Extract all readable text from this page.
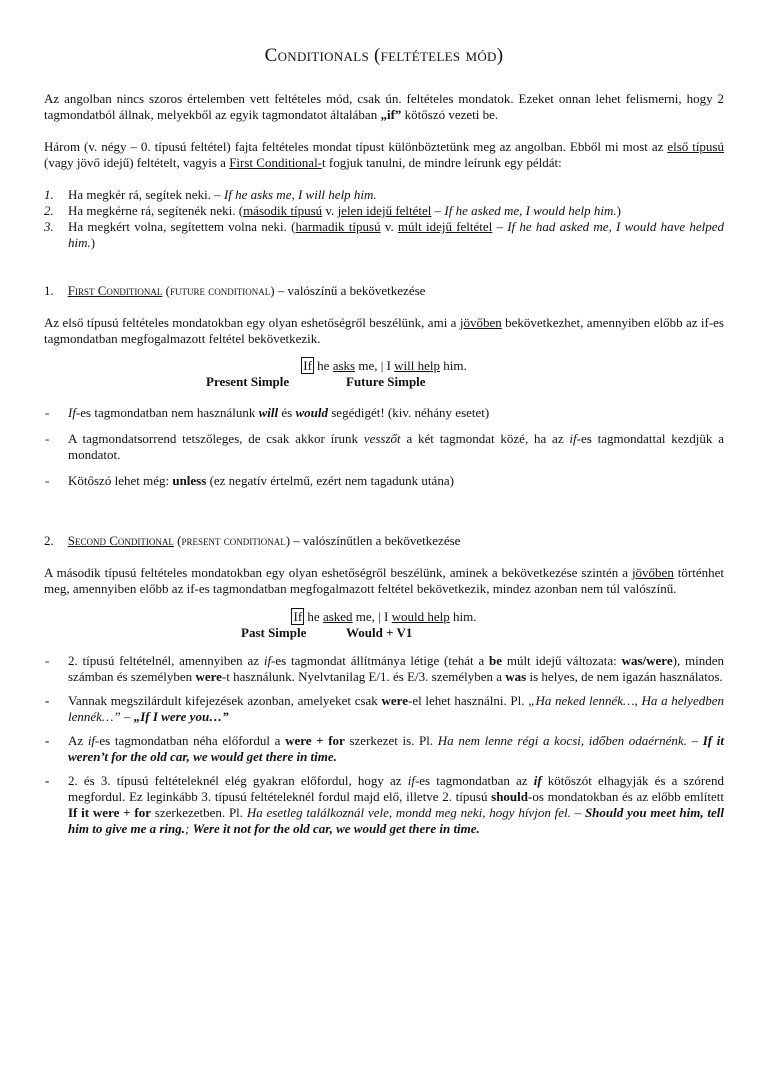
Conditionals (feltételes mód)

Az angolban nincs szoros értelemben vett feltételes mód, csak ún. feltételes mondatok. Ezeket onnan lehet felismerni, hogy 2 tagmondatból állnak, melyekből az egyik tagmondatot általában „if” kötőszó vezeti be.

Három (v. négy – 0. típusú feltétel) fajta feltételes mondat típust különböztetünk meg az angolban. Ebből mi most az első típusú (vagy jövő idejű) feltételt, vagyis a First Conditional-t fogjuk tanulni, de mindre leírunk egy példát:

1. Ha megkér rá, segítek neki. – If he asks me, I will help him.
2. Ha megkérne rá, segítenék neki. (második típusú v. jelen idejű feltétel – If he asked me, I would help him.)
3. Ha megkért volna, segítettem volna neki. (harmadik típusú v. múlt idejű feltétel – If he had asked me, I would have helped him.)

1. First Conditional (future conditional) – valószínű a bekövetkezése

Az első típusú feltételes mondatokban egy olyan eshetőségről beszélünk, ami a jövőben bekövetkezhet, amennyiben előbb az if-es tagmondatban megfogalmazott feltétel bekövetkezik.

If he asks me, | I will help him.
Present Simple	Future Simple
- If-es tagmondatban nem használunk will és would segédigét! (kiv. néhány esetet)
- A tagmondatsorrend tetszőleges, de csak akkor írunk vesszőt a két tagmondat közé, ha az if-es tagmondattal kezdjük a mondatot.
- Kötőszó lehet még: unless (ez negatív értelmű, ezért nem tagadunk utána)

2. Second Conditional (present conditional) – valószínűtlen a bekövetkezése

A második típusú feltételes mondatokban egy olyan eshetőségről beszélünk, aminek a bekövetkezése szintén a jövőben történhet meg, amennyiben előbb az if-es tagmondatban megfogalmazott feltétel bekövetkezik, mindez azonban nem túl valószínű.

If he asked me, | I would help him.
Past Simple	Would + V1
- 2. típusú feltételnél, amennyiben az if-es tagmondat állítmánya létige (tehát a be múlt idejű változata: was/were), minden számban és személyben were-t használunk. Nyelvtanilag E/1. és E/3. személyben a was is helyes, de nem igazán használatos.
- Vannak megszilárdult kifejezések azonban, amelyeket csak were-el lehet használni. Pl. „Ha neked lennék…, Ha a helyedben lennék…” – „If I were you…”
- Az if-es tagmondatban néha előfordul a were + for szerkezet is. Pl. Ha nem lenne régi a kocsi, időben odaérnénk. – If it weren’t for the old car, we would get there in time.
- 2. és 3. típusú feltételeknél elég gyakran előfordul, hogy az if-es tagmondatban az if kötőszót elhagyják és a szórend megfordul. Ez leginkább 3. típusú feltételeknél fordul majd elő, illetve 2. típusú should-os mondatokban és az előbb említett If it were + for szerkezetben. Pl. Ha esetleg találkoznál vele, mondd meg neki, hogy hívjon fel. – Should you meet him, tell him to give me a ring.; Were it not for the old car, we would get there in time.
